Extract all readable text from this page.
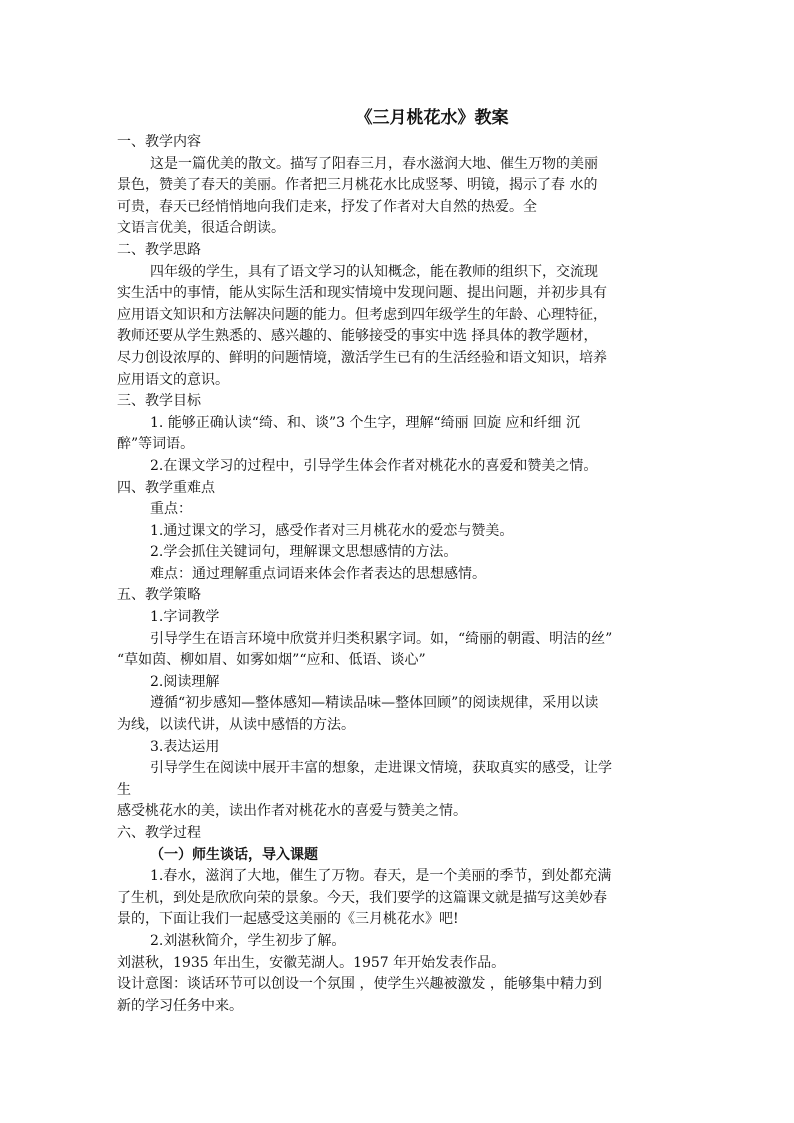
《三月桃花水》教案
一、教学内容
这是一篇优美的散文。描写了阳春三月，春水滋润大地、催生万物的美丽
景色，赞美了春天的美丽。作者把三月桃花水比成竖琴、明镜，揭示了春 水的
可贵，春天已经悄悄地向我们走来，抒发了作者对大自然的热爱。全
文语言优美，很适合朗读。
二、教学思路
四年级的学生，具有了语文学习的认知概念，能在教师的组织下，交流现
实生活中的事情，能从实际生活和现实情境中发现问题、提出问题，并初步具有
应用语文知识和方法解决问题的能力。但考虑到四年级学生的年龄、心理特征，
教师还要从学生熟悉的、感兴趣的、能够接受的事实中选 择具体的教学题材，
尽力创设浓厚的、鲜明的问题情境，激活学生已有的生活经验和语文知识，培养
应用语文的意识。
三、教学目标
1. 能够正确认读“绮、和、谈”3 个生字，理解“绮丽 回旋 应和纤细 沉
醉”等词语。
2.在课文学习的过程中，引导学生体会作者对桃花水的喜爱和赞美之情。
四、教学重难点
重点：
1.通过课文的学习，感受作者对三月桃花水的爱恋与赞美。
2.学会抓住关键词句，理解课文思想感情的方法。
难点：通过理解重点词语来体会作者表达的思想感情。
五、教学策略
1.字词教学
引导学生在语言环境中欣赏并归类积累字词。如，“绮丽的朝霞、明洁的丝”
“草如茵、柳如眉、如雾如烟”“应和、低语、谈心”
2.阅读理解
遵循“初步感知—整体感知—精读品味—整体回顾”的阅读规律，采用以读
为线，以读代讲，从读中感悟的方法。
3.表达运用
引导学生在阅读中展开丰富的想象，走进课文情境，获取真实的感受，让学
生
感受桃花水的美，读出作者对桃花水的喜爱与赞美之情。
六、教学过程
（一）师生谈话，导入课题
1.春水，滋润了大地，催生了万物。春天，是一个美丽的季节，到处都充满
了生机，到处是欣欣向荣的景象。今天，我们要学的这篇课文就是描写这美妙春
景的，下面让我们一起感受这美丽的《三月桃花水》吧!
2.刘湛秋简介，学生初步了解。
刘湛秋，1935 年出生，安徽芜湖人。1957 年开始发表作品。
设计意图：谈话环节可以创设一个氛围 ，使学生兴趣被激发 ，能够集中精力到
新的学习任务中来。
